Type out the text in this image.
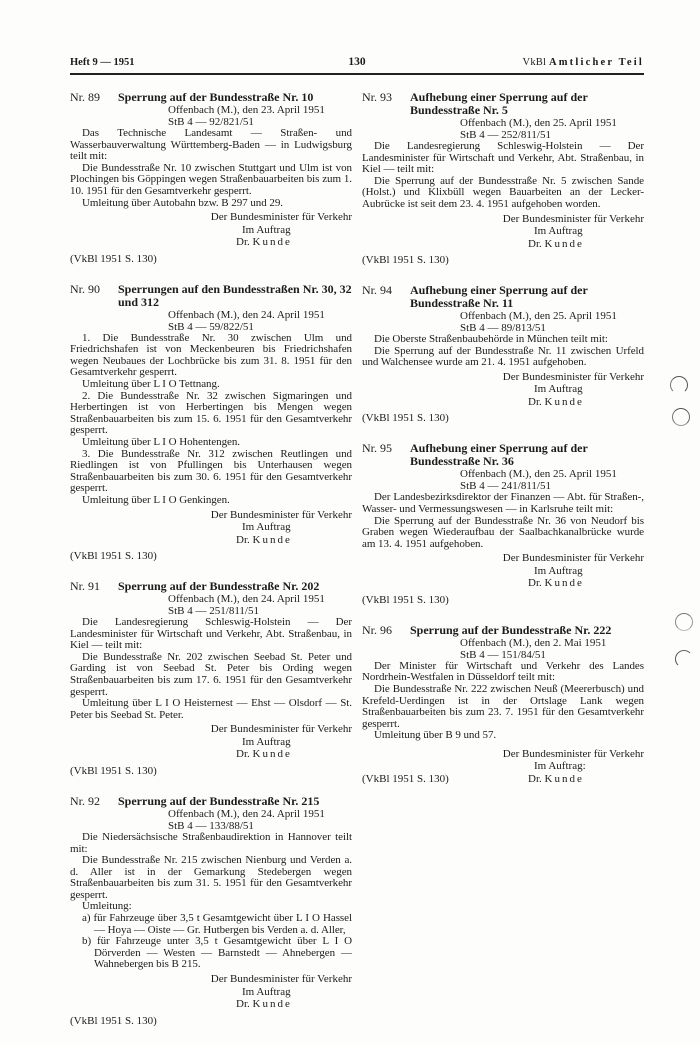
Heft 9 — 1951	130	VkBl Amtlicher Teil
Nr. 89	Sperrung auf der Bundesstraße Nr. 10
Offenbach (M.), den 23. April 1951
StB 4 — 92/821/51

Das Technische Landesamt — Straßen- und Wasserbauverwaltung Württemberg-Baden — in Ludwigsburg teilt mit:

Die Bundesstraße Nr. 10 zwischen Stuttgart und Ulm ist von Plochingen bis Göppingen wegen Straßenbauarbeiten bis zum 1. 10. 1951 für den Gesamtverkehr gesperrt.

Umleitung über Autobahn bzw. B 297 und 29.

Der Bundesminister für Verkehr
Im Auftrag
Dr. Kunde
(VkBl 1951 S. 130)
Nr. 90	Sperrungen auf den Bundesstraßen Nr. 30, 32 und 312
Offenbach (M.), den 24. April 1951
StB 4 — 59/822/51

1. Die Bundesstraße Nr. 30 zwischen Ulm und Friedrichshafen ist von Meckenbeuren bis Friedrichshafen wegen Neubaues der Lochbrücke bis zum 31. 8. 1951 für den Gesamtverkehr gesperrt.

Umleitung über L I O Tettnang.

2. Die Bundesstraße Nr. 32 zwischen Sigmaringen und Herbertingen ist von Herbertingen bis Mengen wegen Straßenbauarbeiten bis zum 15. 6. 1951 für den Gesamtverkehr gesperrt.

Umleitung über L I O Hohentengen.

3. Die Bundesstraße Nr. 312 zwischen Reutlingen und Riedlingen ist von Pfullingen bis Unterhausen wegen Straßenbauarbeiten bis zum 30. 6. 1951 für den Gesamtverkehr gesperrt.

Umleitung über L I O Genkingen.

Der Bundesminister für Verkehr
Im Auftrag
Dr. Kunde
(VkBl 1951 S. 130)
Nr. 91	Sperrung auf der Bundesstraße Nr. 202
Offenbach (M.), den 24. April 1951
StB 4 — 251/811/51

Die Landesregierung Schleswig-Holstein — Der Landesminister für Wirtschaft und Verkehr, Abt. Straßenbau, in Kiel — teilt mit:

Die Bundesstraße Nr. 202 zwischen Seebad St. Peter und Garding ist von Seebad St. Peter bis Ording wegen Straßenbauarbeiten bis zum 17. 6. 1951 für den Gesamtverkehr gesperrt.

Umleitung über L I O Heisternest — Ehst — Olsdorf — St. Peter bis Seebad St. Peter.

Der Bundesminister für Verkehr
Im Auftrag
Dr. Kunde
(VkBl 1951 S. 130)
Nr. 92	Sperrung auf der Bundesstraße Nr. 215
Offenbach (M.), den 24. April 1951
StB 4 — 133/88/51

Die Niedersächsische Straßenbaudirektion in Hannover teilt mit:

Die Bundesstraße Nr. 215 zwischen Nienburg und Verden a. d. Aller ist in der Gemarkung Stedebergen wegen Straßenbauarbeiten bis zum 31. 5. 1951 für den Gesamtverkehr gesperrt.

Umleitung:

a) für Fahrzeuge über 3,5 t Gesamtgewicht über L I O Hassel — Hoya — Oiste — Gr. Hutbergen bis Verden a. d. Aller,

b) für Fahrzeuge unter 3,5 t Gesamtgewicht über L I O Dörverden — Westen — Barnstedt — Ahnebergen — Wahnebergen bis B 215.

Der Bundesminister für Verkehr
Im Auftrag
Dr. Kunde
(VkBl 1951 S. 130)
Nr. 93	Aufhebung einer Sperrung auf der Bundesstraße Nr. 5
Offenbach (M.), den 25. April 1951
StB 4 — 252/811/51

Die Landesregierung Schleswig-Holstein — Der Landesminister für Wirtschaft und Verkehr, Abt. Straßenbau, in Kiel — teilt mit:

Die Sperrung auf der Bundesstraße Nr. 5 zwischen Sande (Holst.) und Klixbüll wegen Bauarbeiten an der Lecker-Aubrücke ist seit dem 23. 4. 1951 aufgehoben worden.

Der Bundesminister für Verkehr
Im Auftrag
Dr. Kunde
(VkBl 1951 S. 130)
Nr. 94	Aufhebung einer Sperrung auf der Bundesstraße Nr. 11
Offenbach (M.), den 25. April 1951
StB 4 — 89/813/51

Die Oberste Straßenbaubehörde in München teilt mit:

Die Sperrung auf der Bundesstraße Nr. 11 zwischen Urfeld und Walchensee wurde am 21. 4. 1951 aufgehoben.

Der Bundesminister für Verkehr
Im Auftrag
Dr. Kunde
(VkBl 1951 S. 130)
Nr. 95	Aufhebung einer Sperrung auf der Bundesstraße Nr. 36
Offenbach (M.), den 25. April 1951
StB 4 — 241/811/51

Der Landesbezirksdirektor der Finanzen — Abt. für Straßen-, Wasser- und Vermessungswesen — in Karlsruhe teilt mit:

Die Sperrung auf der Bundesstraße Nr. 36 von Neudorf bis Graben wegen Wiederaufbau der Saalbachkanalbrücke wurde am 13. 4. 1951 aufgehoben.

Der Bundesminister für Verkehr
Im Auftrag
Dr. Kunde
(VkBl 1951 S. 130)
Nr. 96	Sperrung auf der Bundesstraße Nr. 222
Offenbach (M.), den 2. Mai 1951
StB 4 — 151/84/51

Der Minister für Wirtschaft und Verkehr des Landes Nordrhein-Westfalen in Düsseldorf teilt mit:

Die Bundesstraße Nr. 222 zwischen Neuß (Meererbusch) und Krefeld-Uerdingen ist in der Ortslage Lank wegen Straßenbauarbeiten bis zum 23. 7. 1951 für den Gesamtverkehr gesperrt.

Umleitung über B 9 und 57.

Der Bundesminister für Verkehr
Im Auftrag:
(VkBl 1951 S. 130)	Dr. Kunde
